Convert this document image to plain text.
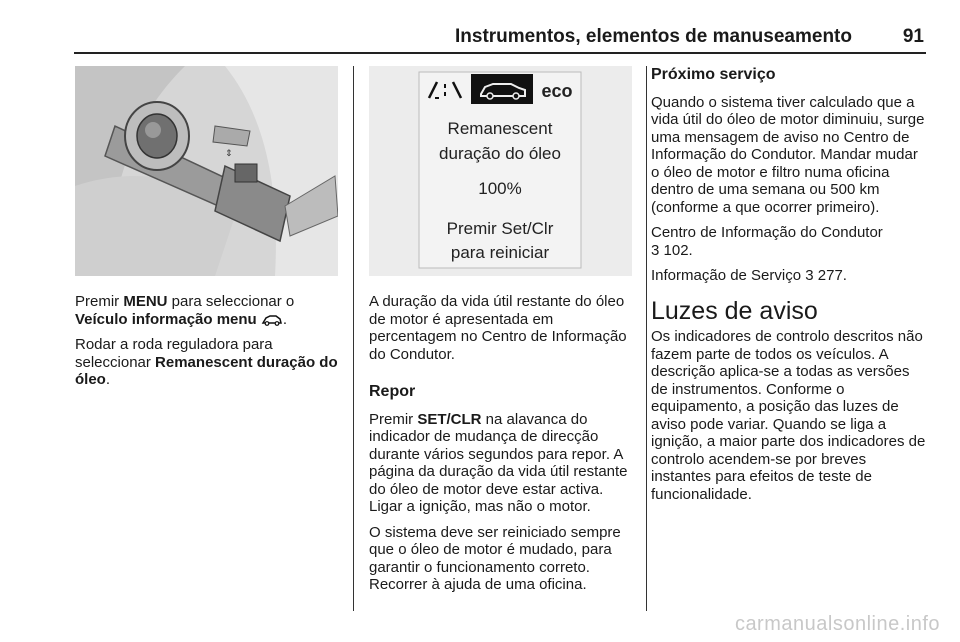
Instrumentos, elementos de manuseamento	91
⇕
eco
Remanescent
duração do óleo
100%
Premir Set/Clr
para reiniciar

Premir MENU para seleccionar o
Veículo informação menu .

Rodar a roda reguladora para seleccionar Remanescent duração do óleo.

A duração da vida útil restante do óleo de motor é apresentada em percentagem no Centro de Informação do Condutor.

Repor

Premir SET/CLR na alavanca do indicador de mudança de direcção durante vários segundos para repor. A página da duração da vida útil restante do óleo de motor deve estar activa. Ligar a ignição, mas não o motor.

O sistema deve ser reiniciado sempre que o óleo de motor é mudado, para garantir o funcionamento correto. Recorrer à ajuda de uma oficina.

Próximo serviço

Quando o sistema tiver calculado que a vida útil do óleo de motor diminuiu, surge uma mensagem de aviso no Centro de Informação do Condutor. Mandar mudar o óleo de motor e filtro numa oficina dentro de uma semana ou 500 km (conforme a que ocorrer primeiro).

Centro de Informação do Condutor
3 102.

Informação de Serviço 3 277.

Luzes de aviso

Os indicadores de controlo descritos não fazem parte de todos os veículos. A descrição aplica-se a todas as versões de instrumentos. Conforme o equipamento, a posição das luzes de aviso pode variar. Quando se liga a ignição, a maior parte dos indicadores de controlo acendem-se por breves instantes para efeitos de teste de funcionalidade.

carmanualsonline.info
